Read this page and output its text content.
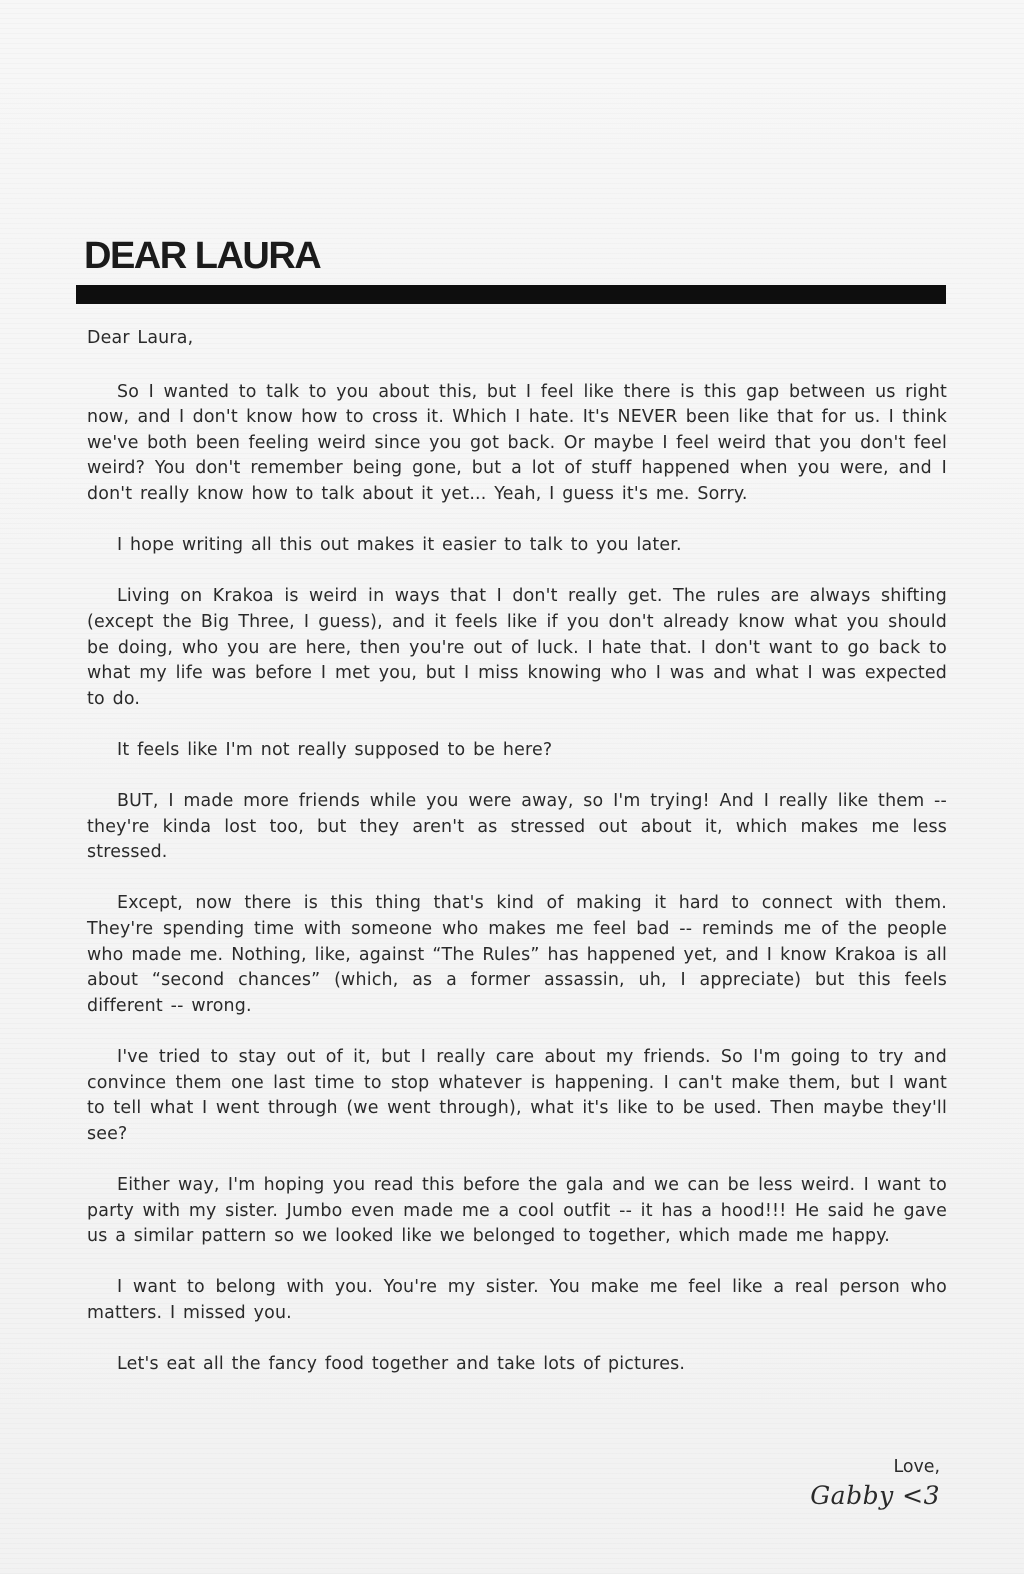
DEAR LAURA
Dear Laura,

So I wanted to talk to you about this, but I feel like there is this gap between us right now, and I don't know how to cross it. Which I hate. It's NEVER been like that for us. I think we've both been feeling weird since you got back. Or maybe I feel weird that you don't feel weird? You don't remember being gone, but a lot of stuff happened when you were, and I don't really know how to talk about it yet... Yeah, I guess it's me. Sorry.

I hope writing all this out makes it easier to talk to you later.

Living on Krakoa is weird in ways that I don't really get. The rules are always shifting (except the Big Three, I guess), and it feels like if you don't already know what you should be doing, who you are here, then you're out of luck. I hate that. I don't want to go back to what my life was before I met you, but I miss knowing who I was and what I was expected to do.

It feels like I'm not really supposed to be here?

BUT, I made more friends while you were away, so I'm trying! And I really like them -- they're kinda lost too, but they aren't as stressed out about it, which makes me less stressed.

Except, now there is this thing that's kind of making it hard to connect with them. They're spending time with someone who makes me feel bad -- reminds me of the people who made me. Nothing, like, against “The Rules” has happened yet, and I know Krakoa is all about “second chances” (which, as a former assassin, uh, I appreciate) but this feels different -- wrong.

I've tried to stay out of it, but I really care about my friends. So I'm going to try and convince them one last time to stop whatever is happening. I can't make them, but I want to tell what I went through (we went through), what it's like to be used. Then maybe they'll see?

Either way, I'm hoping you read this before the gala and we can be less weird. I want to party with my sister. Jumbo even made me a cool outfit -- it has a hood!!! He said he gave us a similar pattern so we looked like we belonged to together, which made me happy.

I want to belong with you. You're my sister. You make me feel like a real person who matters. I missed you.

Let's eat all the fancy food together and take lots of pictures.

Love,
Gabby <3
